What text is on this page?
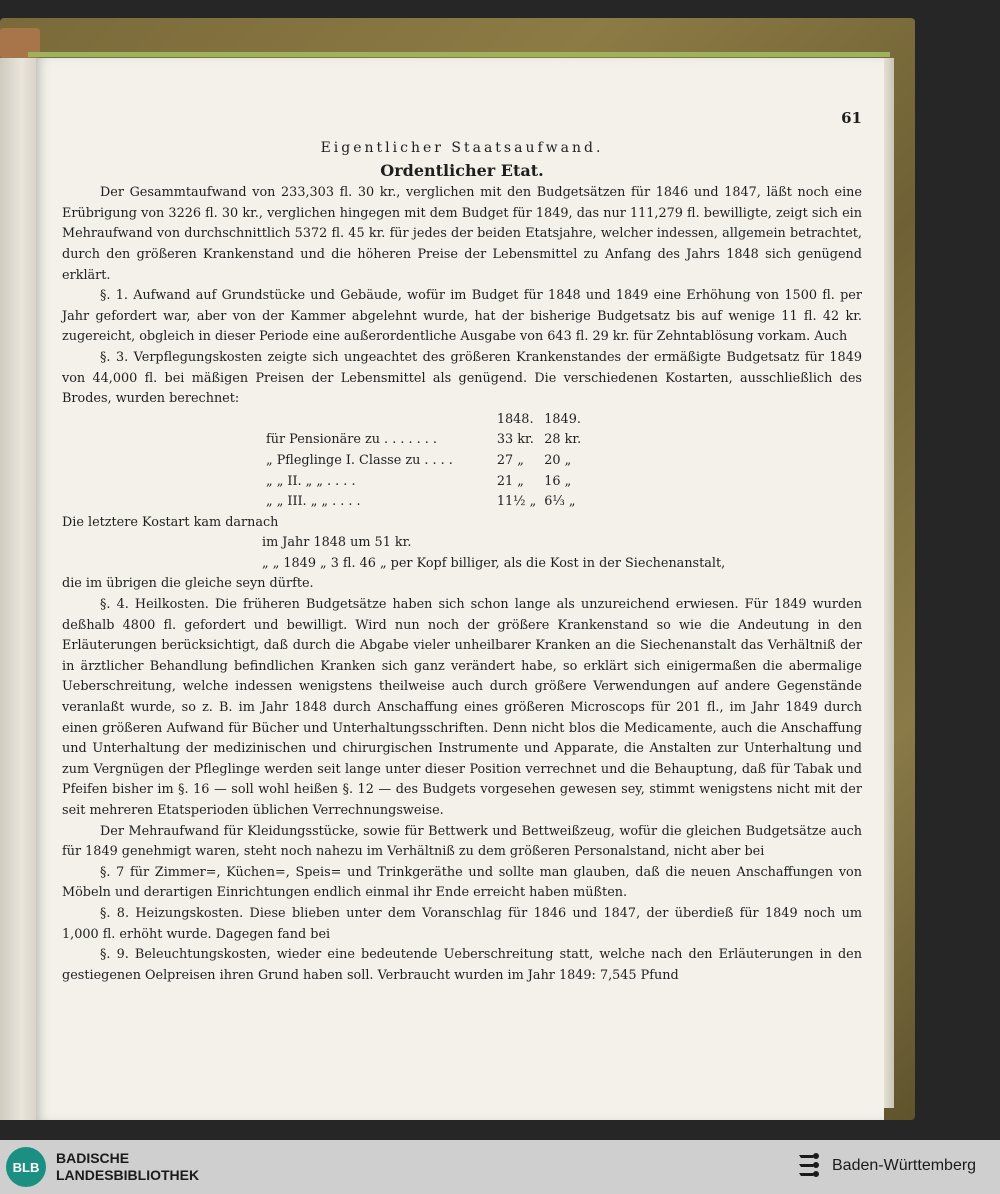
61
Eigentlicher Staatsaufwand.
Ordentlicher Etat.

Der Gesammtaufwand von 233,303 fl. 30 kr., verglichen mit den Budgetsätzen für 1846 und 1847, läßt noch eine Erübrigung von 3226 fl. 30 kr., verglichen hingegen mit dem Budget für 1849, das nur 111,279 fl. bewilligte, zeigt sich ein Mehraufwand von durchschnittlich 5372 fl. 45 kr. für jedes der beiden Etatsjahre, welcher indessen, allgemein betrachtet, durch den größeren Krankenstand und die höheren Preise der Lebensmittel zu Anfang des Jahrs 1848 sich genügend erklärt.

§. 1. Aufwand auf Grundstücke und Gebäude, wofür im Budget für 1848 und 1849 eine Erhöhung von 1500 fl. per Jahr gefordert war, aber von der Kammer abgelehnt wurde, hat der bisherige Budgetsatz bis auf wenige 11 fl. 42 kr. zugereicht, obgleich in dieser Periode eine außerordentliche Ausgabe von 643 fl. 29 kr. für Zehntablösung vorkam. Auch

§. 3. Verpflegungskosten zeigte sich ungeachtet des größeren Krankenstandes der ermäßigte Budgetsatz für 1849 von 44,000 fl. bei mäßigen Preisen der Lebensmittel als genügend. Die verschiedenen Kostarten, ausschließlich des Brodes, wurden berechnet:

	1848.	1849.
für Pensionäre zu . . . . . . .	33 kr.	28 kr.
„ Pfleglinge I. Classe zu . . . .	27 „	20 „
„ „ II. „ „ . . . .	21 „	16 „
„ „ III. „ „ . . . .	11½ „	6⅓ „

Die letztere Kostart kam darnach

im Jahr 1848 um 51 kr.

„ „ 1849 „ 3 fl. 46 „ per Kopf billiger, als die Kost in der Siechenanstalt,

die im übrigen die gleiche seyn dürfte.

§. 4. Heilkosten. Die früheren Budgetsätze haben sich schon lange als unzureichend erwiesen. Für 1849 wurden deßhalb 4800 fl. gefordert und bewilligt. Wird nun noch der größere Krankenstand so wie die Andeutung in den Erläuterungen berücksichtigt, daß durch die Abgabe vieler unheilbarer Kranken an die Siechenanstalt das Verhältniß der in ärztlicher Behandlung befindlichen Kranken sich ganz verändert habe, so erklärt sich einigermaßen die abermalige Ueberschreitung, welche indessen wenigstens theilweise auch durch größere Verwendungen auf andere Gegenstände veranlaßt wurde, so z. B. im Jahr 1848 durch Anschaffung eines größeren Microscops für 201 fl., im Jahr 1849 durch einen größeren Aufwand für Bücher und Unterhaltungsschriften. Denn nicht blos die Medicamente, auch die Anschaffung und Unterhaltung der medizinischen und chirurgischen Instrumente und Apparate, die Anstalten zur Unterhaltung und zum Vergnügen der Pfleglinge werden seit lange unter dieser Position verrechnet und die Behauptung, daß für Tabak und Pfeifen bisher im §. 16 — soll wohl heißen §. 12 — des Budgets vorgesehen gewesen sey, stimmt wenigstens nicht mit der seit mehreren Etatsperioden üblichen Verrechnungsweise.

Der Mehraufwand für Kleidungsstücke, sowie für Bettwerk und Bettweißzeug, wofür die gleichen Budgetsätze auch für 1849 genehmigt waren, steht noch nahezu im Verhältniß zu dem größeren Personalstand, nicht aber bei

§. 7 für Zimmer=, Küchen=, Speis= und Trinkgeräthe und sollte man glauben, daß die neuen Anschaffungen von Möbeln und derartigen Einrichtungen endlich einmal ihr Ende erreicht haben müßten.

§. 8. Heizungskosten. Diese blieben unter dem Voranschlag für 1846 und 1847, der überdieß für 1849 noch um 1,000 fl. erhöht wurde. Dagegen fand bei

§. 9. Beleuchtungskosten, wieder eine bedeutende Ueberschreitung statt, welche nach den Erläuterungen in den gestiegenen Oelpreisen ihren Grund haben soll. Verbraucht wurden im Jahr 1849: 7,545 Pfund

BLB
BADISCHE
LANDESBIBLIOTHEK
Baden-Württemberg
